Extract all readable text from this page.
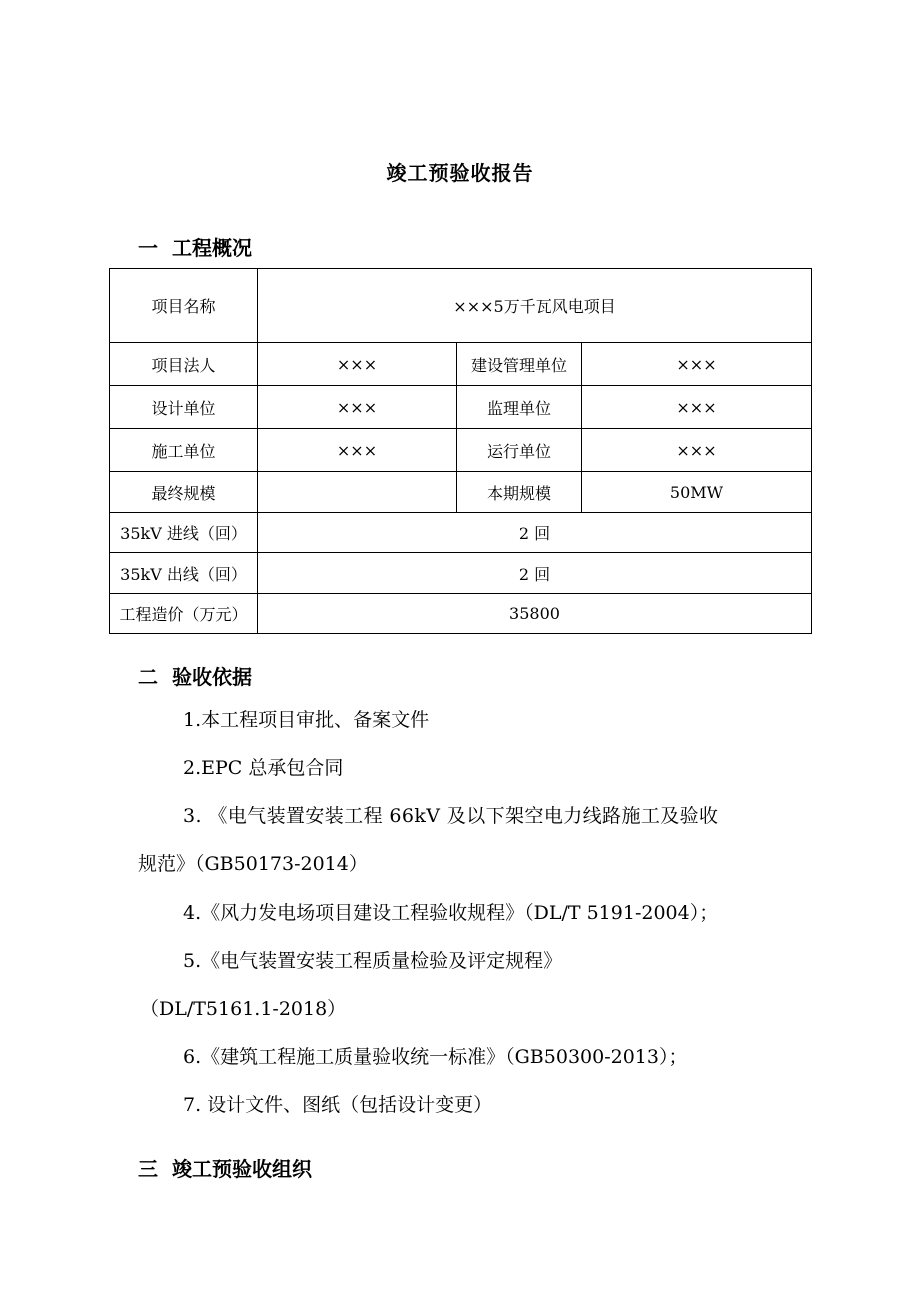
竣工预验收报告
一 工程概况
项目名称	×××5万千瓦风电项目		
项目法人	×××	建设管理单位	×××
设计单位	×××	监理单位	×××
施工单位	×××	运行单位	×××
最终规模		本期规模	50MW
35kV 进线（回）	2 回		
35kV 出线（回）	2 回		
工程造价（万元）	35800		
二 验收依据
1.本工程项目审批、备案文件
2.EPC 总承包合同
3. 《电气装置安装工程 66kV 及以下架空电力线路施工及验收
规范》（GB50173-2014）
4.《风力发电场项目建设工程验收规程》（DL/T 5191-2004）；
5.《电气装置安装工程质量检验及评定规程》
（DL/T5161.1-2018）
6.《建筑工程施工质量验收统一标准》（GB50300-2013）；
7. 设计文件、图纸（包括设计变更）
三 竣工预验收组织
